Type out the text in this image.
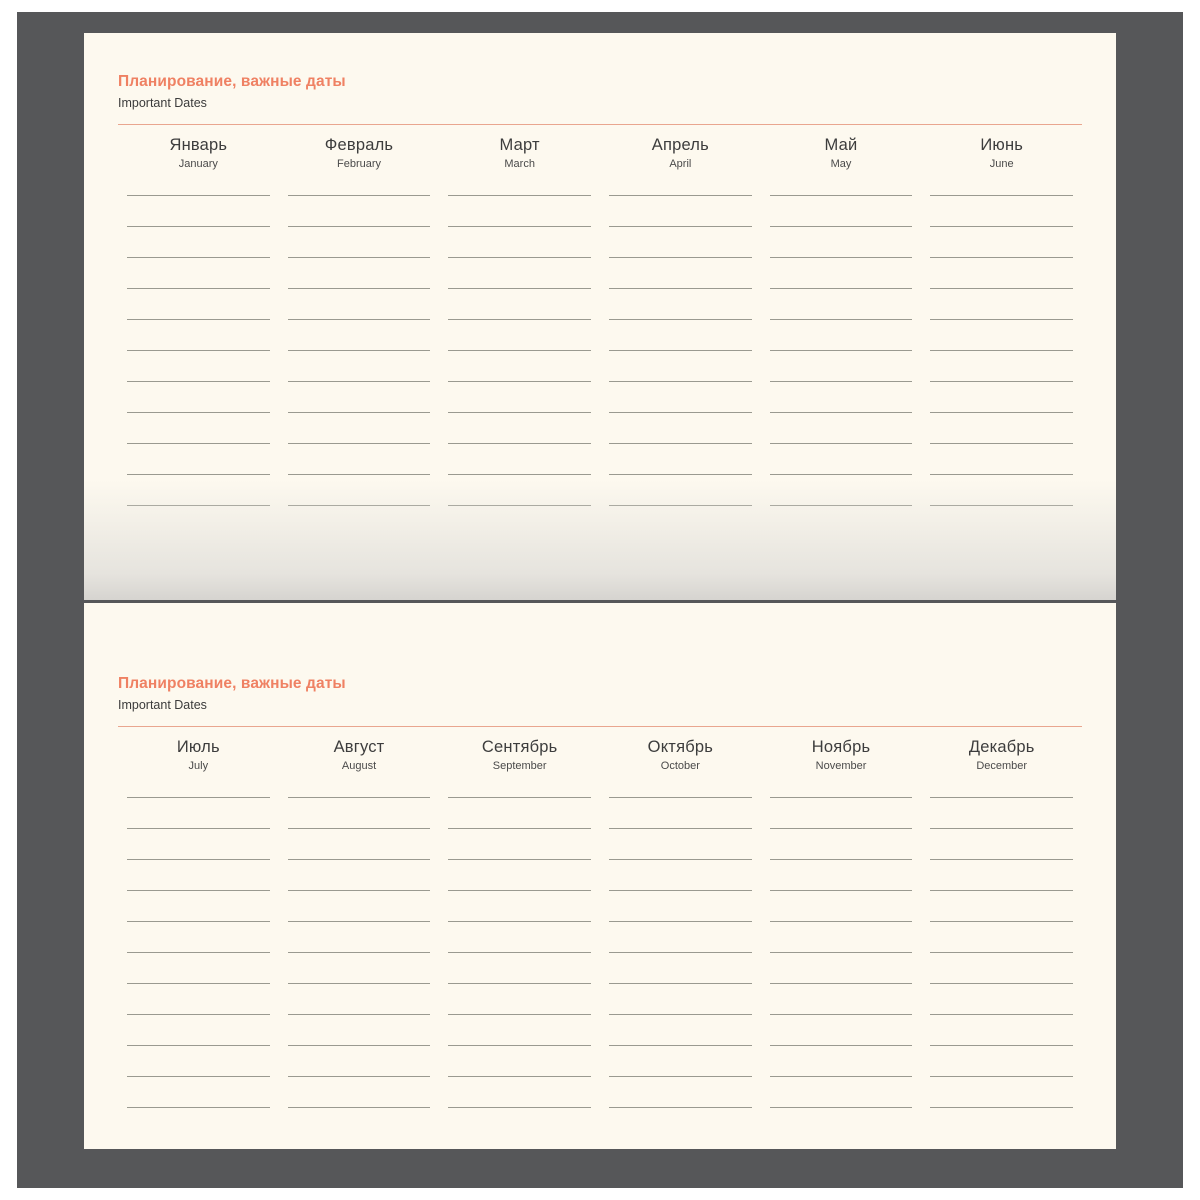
Планирование, важные даты
Important Dates
Январь
January
Февраль
February
Март
March
Апрель
April
Май
May
Июнь
June
Планирование, важные даты
Important Dates
Июль
July
Август
August
Сентябрь
September
Октябрь
October
Ноябрь
November
Декабрь
December
